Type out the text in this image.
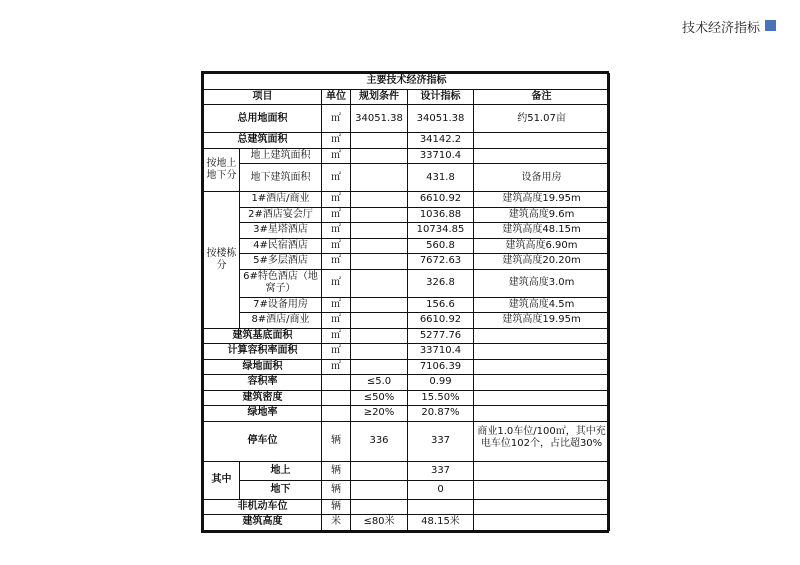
技术经济指标
主要技术经济指标					
项目		单位	规划条件	设计指标	备注
总用地面积		㎡	34051.38	34051.38	约51.07亩
总建筑面积		㎡		34142.2	
按地上地下分	地上建筑面积	㎡		33710.4	
	地下建筑面积	㎡		431.8	设备用房
按楼栋分	1#酒店/商业	㎡		6610.92	建筑高度19.95m
	2#酒店宴会厅	㎡		1036.88	建筑高度9.6m
	3#星塔酒店	㎡		10734.85	建筑高度48.15m
	4#民宿酒店	㎡		560.8	建筑高度6.90m
	5#多层酒店	㎡		7672.63	建筑高度20.20m
	6#特色酒店（地窝子）	㎡		326.8	建筑高度3.0m
	7#设备用房	㎡		156.6	建筑高度4.5m
	8#酒店/商业	㎡		6610.92	建筑高度19.95m
建筑基底面积		㎡		5277.76	
计算容积率面积		㎡		33710.4	
绿地面积		㎡		7106.39	
容积率			≤5.0	0.99	
建筑密度			≤50%	15.50%	
绿地率			≥20%	20.87%	
停车位		辆	336	337	商业1.0车位/100㎡，其中充电车位102个，占比超30%
其中	地上	辆		337	
	地下	辆		0	
非机动车位		辆			
建筑高度		米	≤80米	48.15米	
